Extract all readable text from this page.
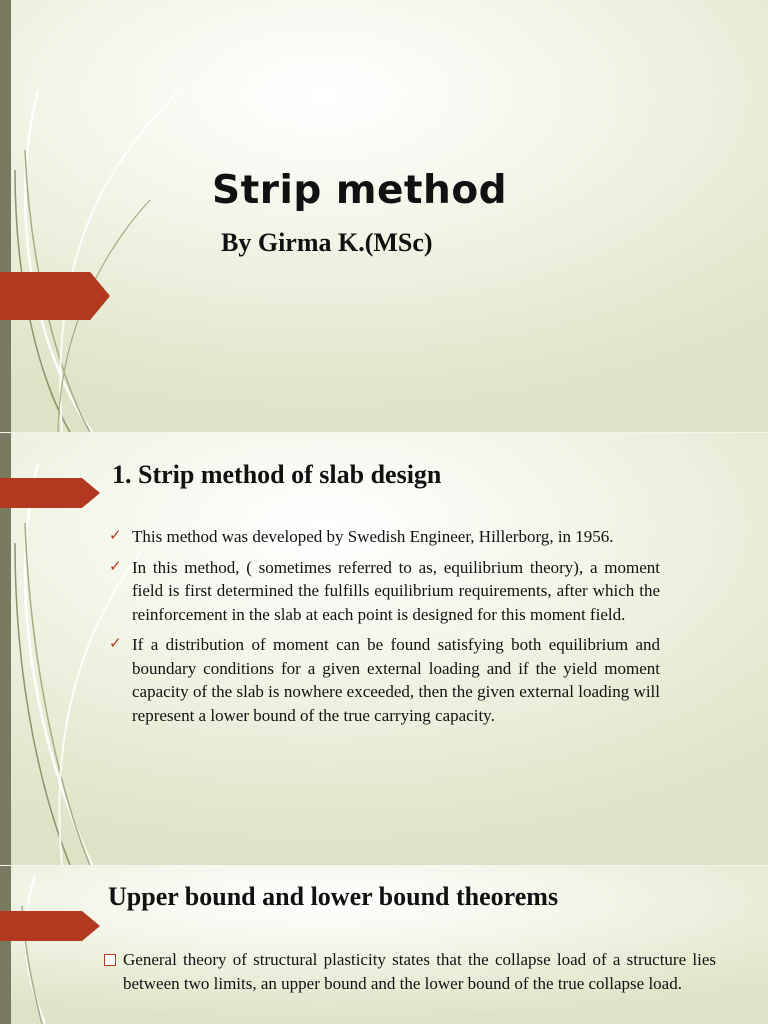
Strip method
By Girma K.(MSc)
1. Strip method of slab design
✓ This method was developed by Swedish Engineer, Hillerborg, in 1956.
✓ In this method, ( sometimes referred to as, equilibrium theory), a moment field is first determined the fulfills equilibrium requirements, after which the reinforcement in the slab at each point is designed for this moment field.
✓ If a distribution of moment can be found satisfying both equilibrium and boundary conditions for a given external loading and if the yield moment capacity of the slab is nowhere exceeded, then the given external loading will represent a lower bound of the true carrying capacity.
Upper bound and lower bound theorems
General theory of structural plasticity states that the collapse load of a structure lies between two limits, an upper bound and the lower bound of the true collapse load.
